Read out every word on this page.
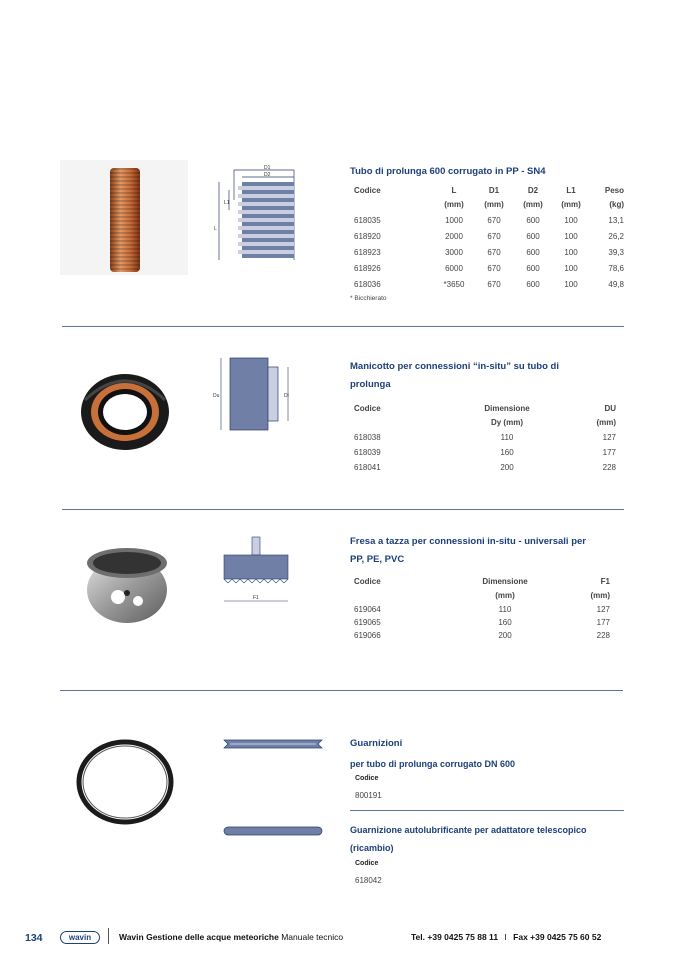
D1
D2
L1
L
Tubo di prolunga 600 corrugato in PP - SN4
Codice	L	D1	D2	L1	Peso
	(mm)	(mm)	(mm)	(mm)	(kg)
618035	1000	670	600	100	13,1
618920	2000	670	600	100	26,2
618923	3000	670	600	100	39,3
618926	6000	670	600	100	78,6
618036	*3650	670	600	100	49,8
* Bicchierato
Du	Di
Manicotto per connessioni “in-situ” su tubo di
prolunga
Codice	Dimensione	DU
	Dy (mm)	(mm)
618038	110	127
618039	160	177
618041	200	228
F1
Fresa a tazza per connessioni in-situ - universali per
PP, PE, PVC
Codice	Dimensione	F1
	(mm)	(mm)
619064	110	127
619065	160	177
619066	200	228
Guarnizioni
per tubo di prolunga corrugato DN 600
Codice
800191
Guarnizione autolubrificante per adattatore telescopico
(ricambio)
Codice
618042
134	wavin	Wavin Gestione delle acque meteoriche Manuale tecnico	Tel. +39 0425 75 88 11 I Fax +39 0425 75 60 52
